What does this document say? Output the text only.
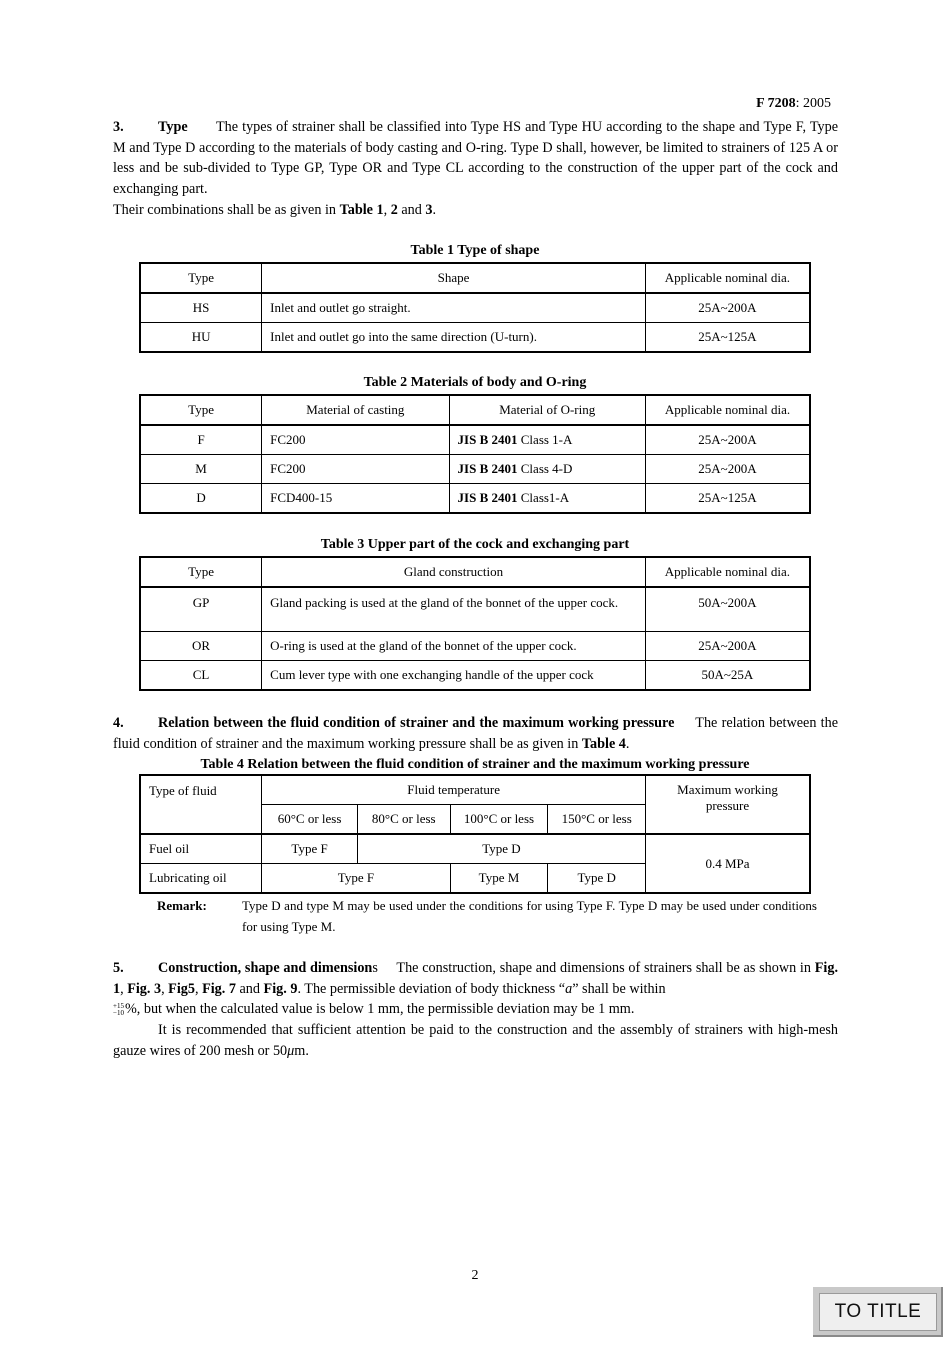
F 7208: 2005
3. Type The types of strainer shall be classified into Type HS and Type HU according to the shape and Type F, Type M and Type D according to the materials of body casting and O-ring. Type D shall, however, be limited to strainers of 125 A or less and be sub-divided to Type GP, Type OR and Type CL according to the construction of the upper part of the cock and exchanging part.
Their combinations shall be as given in Table 1, 2 and 3.
Table 1 Type of shape
Type	Shape	Applicable nominal dia.
HS	Inlet and outlet go straight.	25A~200A
HU	Inlet and outlet go into the same direction (U-turn).	25A~125A
Table 2 Materials of body and O-ring
Type	Material of casting	Material of O-ring	Applicable nominal dia.
F	FC200	JIS B 2401 Class 1-A	25A~200A
M	FC200	JIS B 2401 Class 4-D	25A~200A
D	FCD400-15	JIS B 2401 Class1-A	25A~125A
Table 3 Upper part of the cock and exchanging part
Type	Gland construction	Applicable nominal dia.
GP	Gland packing is used at the gland of the bonnet of the upper cock.	50A~200A
OR	O-ring is used at the gland of the bonnet of the upper cock.	25A~200A
CL	Cum lever type with one exchanging handle of the upper cock	50A~25A
4. Relation between the fluid condition of strainer and the maximum working pressure The relation between the fluid condition of strainer and the maximum working pressure shall be as given in Table 4.
Table 4 Relation between the fluid condition of strainer and the maximum working pressure
Type of fluid	Fluid temperature				Maximum working pressure
	60°C or less	80°C or less	100°C or less	150°C or less	
Fuel oil	Type F	Type D			0.4 MPa
Lubricating oil	Type F		Type M	Type D	
Remark:	Type D and type M may be used under the conditions for using Type F. Type D may be used under conditions for using Type M.
5. Construction, shape and dimensions The construction, shape and dimensions of strainers shall be as shown in Fig. 1, Fig. 3, Fig5, Fig. 7 and Fig. 9. The permissible deviation of body thickness “a” shall be within
+15
−10%, but when the calculated value is below 1 mm, the permissible deviation may be 1 mm.
It is recommended that sufficient attention be paid to the construction and the assembly of strainers with high-mesh gauze wires of 200 mesh or 50μm.
2
TO TITLE
